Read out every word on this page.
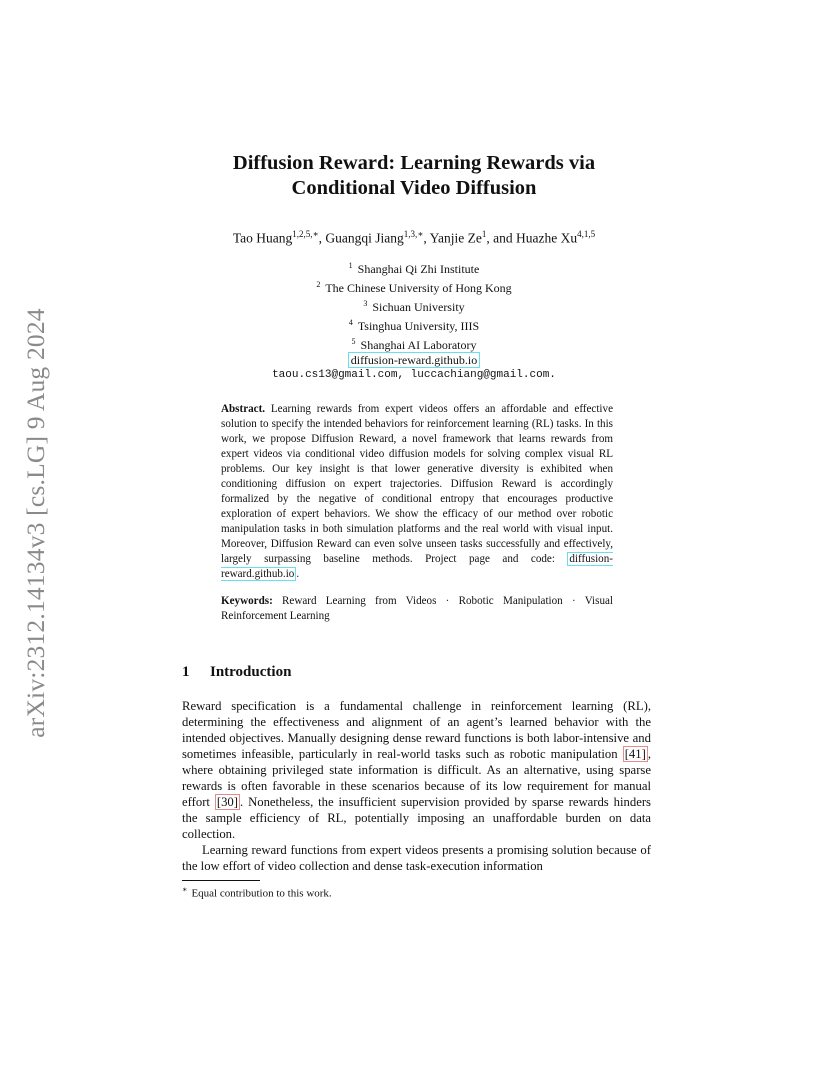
arXiv:2312.14134v3 [cs.LG] 9 Aug 2024
Diffusion Reward: Learning Rewards via
Conditional Video Diffusion
Tao Huang$^{1,2,5,∗}$, Guangqi Jiang$^{1,3,∗}$, Yanjie Ze$^1$, and Huazhe Xu$^{4,1,5}$
$^1$ Shanghai Qi Zhi Institute
$^2$ The Chinese University of Hong Kong
$^3$ Sichuan University
$^4$ Tsinghua University, IIIS
$^5$ Shanghai AI Laboratory
diffusion-reward.github.io
taou.cs13@gmail.com, luccachiang@gmail.com.

Abstract. Learning rewards from expert videos offers an affordable and effective solution to specify the intended behaviors for reinforcement learning (RL) tasks. In this work, we propose Diffusion Reward, a novel framework that learns rewards from expert videos via conditional video diffusion models for solving complex visual RL problems. Our key insight is that lower generative diversity is exhibited when conditioning diffusion on expert trajectories. Diffusion Reward is accordingly formalized by the negative of conditional entropy that encourages productive exploration of expert behaviors. We show the efficacy of our method over robotic manipulation tasks in both simulation platforms and the real world with visual input. Moreover, Diffusion Reward can even solve unseen tasks successfully and effectively, largely surpassing baseline methods. Project page and code: diffusion-reward.github.io .

Keywords: Reward Learning from Videos · Robotic Manipulation · Visual Reinforcement Learning

1 Introduction

Reward specification is a fundamental challenge in reinforcement learning (RL), determining the effectiveness and alignment of an agent’s learned behavior with the intended objectives. Manually designing dense reward functions is both labor-intensive and sometimes infeasible, particularly in real-world tasks such as robotic manipulation [41] , where obtaining privileged state information is difficult. As an alternative, using sparse rewards is often favorable in these scenarios because of its low requirement for manual effort [30] . Nonetheless, the insufficient supervision provided by sparse rewards hinders the sample efficiency of RL, potentially imposing an unaffordable burden on data collection.

Learning reward functions from expert videos presents a promising solution because of the low effort of video collection and dense task-execution information

∗ Equal contribution to this work.
